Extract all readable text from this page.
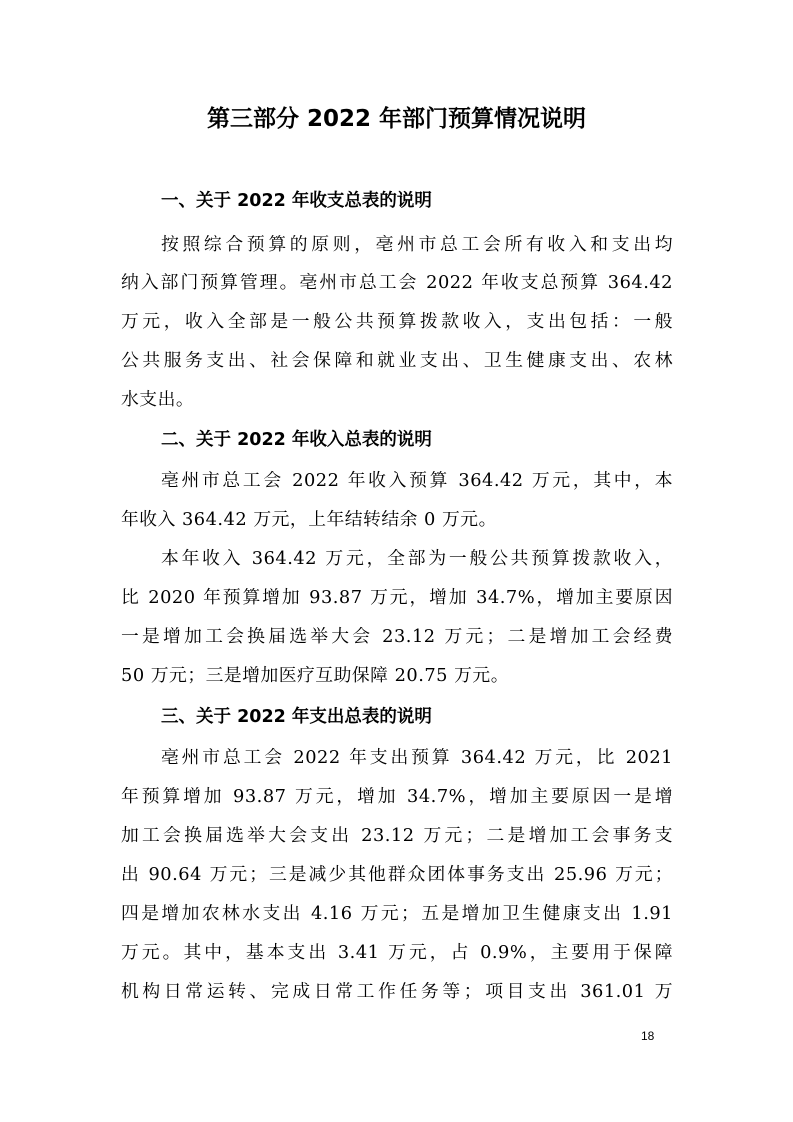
第三部分 2022 年部门预算情况说明
一、关于 2022 年收支总表的说明
按照综合预算的原则，亳州市总工会所有收入和支出均
纳入部门预算管理。亳州市总工会 2022 年收支总预算 364.42
万元，收入全部是一般公共预算拨款收入，支出包括：一般
公共服务支出、社会保障和就业支出、卫生健康支出、农林
水支出。
二、关于 2022 年收入总表的说明
亳州市总工会 2022 年收入预算 364.42 万元，其中，本
年收入 364.42 万元，上年结转结余 0 万元。
本年收入 364.42 万元，全部为一般公共预算拨款收入，
比 2020 年预算增加 93.87 万元，增加 34.7%，增加主要原因
一是增加工会换届选举大会 23.12 万元；二是增加工会经费
50 万元；三是增加医疗互助保障 20.75 万元。
三、关于 2022 年支出总表的说明
亳州市总工会 2022 年支出预算 364.42 万元，比 2021
年预算增加 93.87 万元，增加 34.7%，增加主要原因一是增
加工会换届选举大会支出 23.12 万元；二是增加工会事务支
出 90.64 万元；三是减少其他群众团体事务支出 25.96 万元；
四是增加农林水支出 4.16 万元；五是增加卫生健康支出 1.91
万元。其中，基本支出 3.41 万元，占 0.9%，主要用于保障
机构日常运转、完成日常工作任务等；项目支出 361.01 万
18
